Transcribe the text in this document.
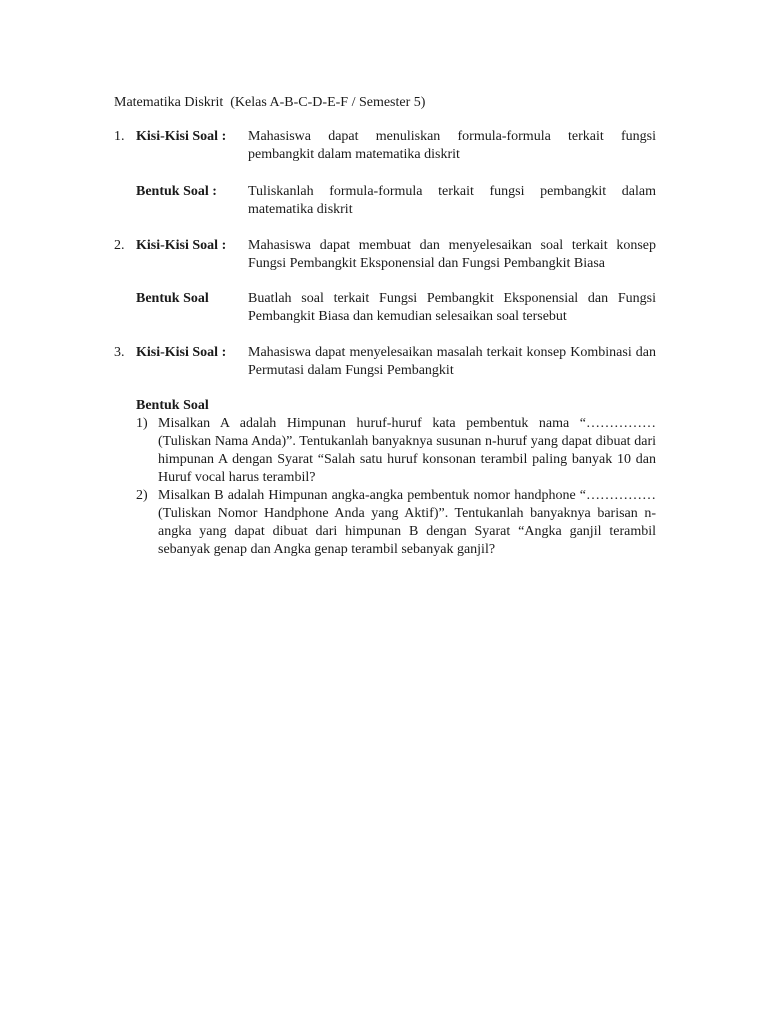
Matematika Diskrit  (Kelas A-B-C-D-E-F / Semester 5)
1. Kisi-Kisi Soal : Mahasiswa dapat menuliskan formula-formula terkait fungsi pembangkit dalam matematika diskrit
Bentuk Soal : Tuliskanlah formula-formula terkait fungsi pembangkit dalam matematika diskrit
2. Kisi-Kisi Soal : Mahasiswa dapat membuat dan menyelesaikan soal terkait konsep Fungsi Pembangkit Eksponensial dan Fungsi Pembangkit Biasa
Bentuk Soal	Buatlah soal terkait Fungsi Pembangkit Eksponensial dan Fungsi Pembangkit Biasa dan kemudian selesaikan soal tersebut
3. Kisi-Kisi Soal : Mahasiswa dapat menyelesaikan masalah terkait konsep Kombinasi dan Permutasi dalam Fungsi Pembangkit
Bentuk Soal
1) Misalkan A adalah Himpunan huruf-huruf kata pembentuk nama “…………… (Tuliskan Nama Anda)”. Tentukanlah banyaknya susunan n-huruf yang dapat dibuat dari himpunan A dengan Syarat “Salah satu huruf konsonan terambil paling banyak 10 dan Huruf vocal harus terambil?
2) Misalkan B adalah Himpunan angka-angka pembentuk nomor handphone “……………(Tuliskan Nomor Handphone Anda yang Aktif)”. Tentukanlah banyaknya barisan n-angka yang dapat dibuat dari himpunan B dengan Syarat “Angka ganjil terambil sebanyak genap dan Angka genap terambil sebanyak ganjil?
